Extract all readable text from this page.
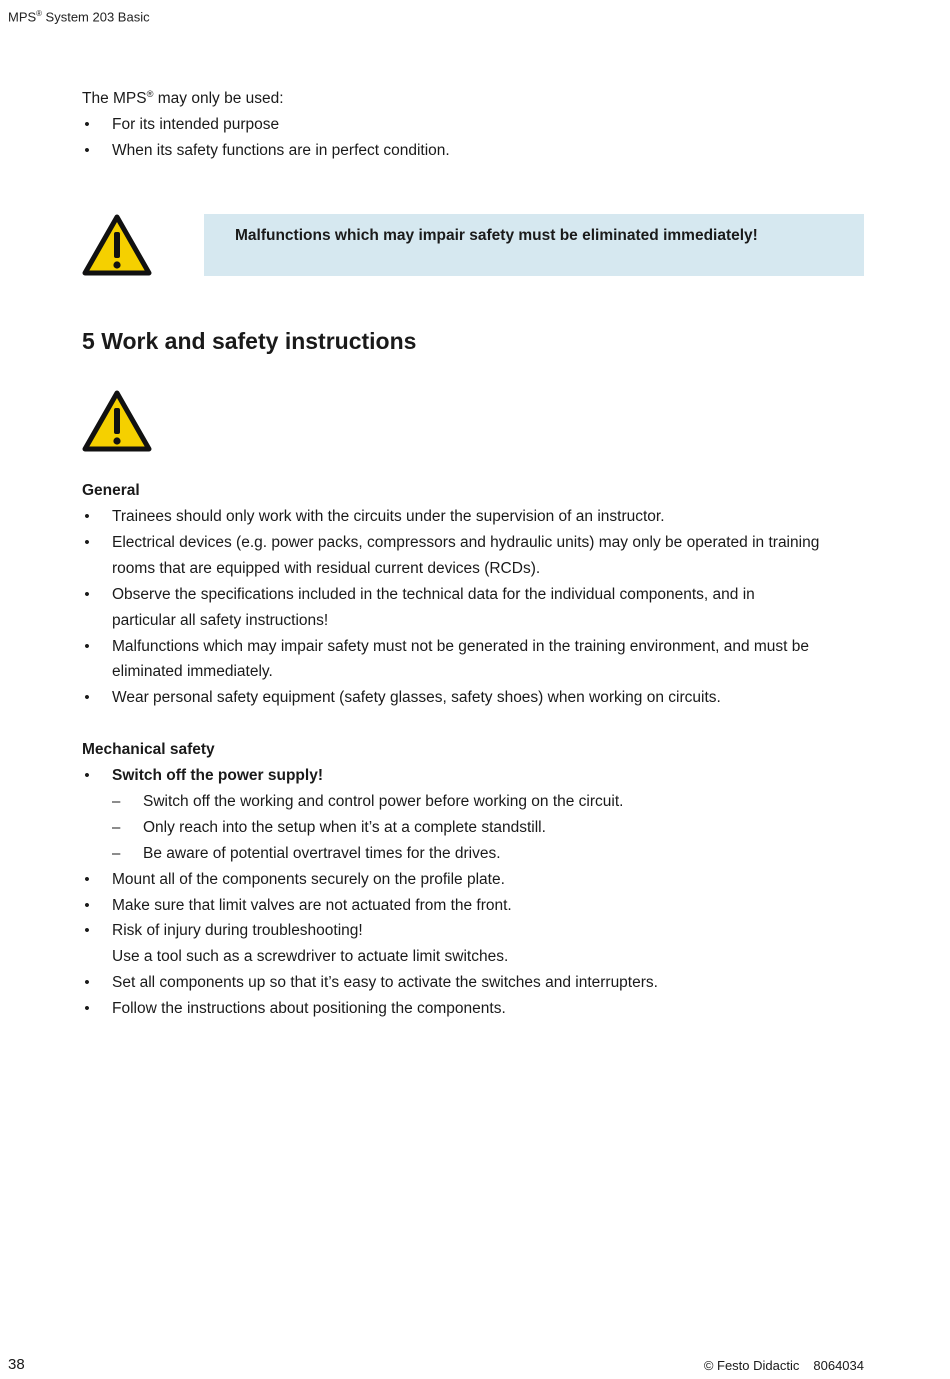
MPS® System 203 Basic
The MPS® may only be used:
• For its intended purpose
• When its safety functions are in perfect condition.
Malfunctions which may impair safety must be eliminated immediately!
5 Work and safety instructions
General
• Trainees should only work with the circuits under the supervision of an instructor.
• Electrical devices (e.g. power packs, compressors and hydraulic units) may only be operated in training
rooms that are equipped with residual current devices (RCDs).
• Observe the specifications included in the technical data for the individual components, and in
particular all safety instructions!
• Malfunctions which may impair safety must not be generated in the training environment, and must be
eliminated immediately.
• Wear personal safety equipment (safety glasses, safety shoes) when working on circuits.
Mechanical safety
• Switch off the power supply!
– Switch off the working and control power before working on the circuit.
– Only reach into the setup when it’s at a complete standstill.
– Be aware of potential overtravel times for the drives.
• Mount all of the components securely on the profile plate.
• Make sure that limit valves are not actuated from the front.
• Risk of injury during troubleshooting!
Use a tool such as a screwdriver to actuate limit switches.
• Set all components up so that it’s easy to activate the switches and interrupters.
• Follow the instructions about positioning the components.
38	© Festo Didactic 8064034
